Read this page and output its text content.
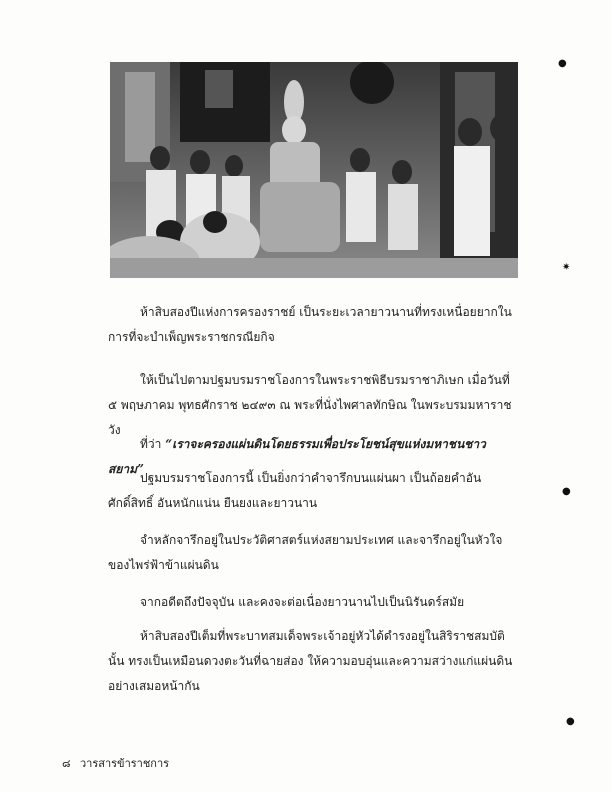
●
✷
●
●

ห้าสิบสองปีแห่งการครองราชย์ เป็นระยะเวลายาวนานที่ทรงเหนื่อยยากในการที่จะบำเพ็ญพระราชกรณียกิจ

ให้เป็นไปตามปฐมบรมราชโองการในพระราชพิธีบรมราชาภิเษก เมื่อวันที่ ๕ พฤษภาคม พุทธศักราช ๒๔๙๓ ณ พระที่นั่งไพศาลทักษิณ ในพระบรมมหาราชวัง

ที่ว่า “เราจะครองแผ่นดินโดยธรรมเพื่อประโยชน์สุขแห่งมหาชนชาวสยาม”

ปฐมบรมราชโองการนี้ เป็นยิ่งกว่าคำจารึกบนแผ่นผา เป็นถ้อยคำอันศักดิ์สิทธิ์ อันหนักแน่น ยืนยงและยาวนาน

จำหลักจารึกอยู่ในประวัติศาสตร์แห่งสยามประเทศ และจารึกอยู่ในหัวใจของไพร่ฟ้าข้าแผ่นดิน

จากอดีตถึงปัจจุบัน และคงจะต่อเนื่องยาวนานไปเป็นนิรันดร์สมัย

ห้าสิบสองปีเต็มที่พระบาทสมเด็จพระเจ้าอยู่หัวได้ดำรงอยู่ในสิริราชสมบัตินั้น ทรงเป็นเหมือนดวงตะวันที่ฉายส่อง ให้ความอบอุ่นและความสว่างแก่แผ่นดินอย่างเสมอหน้ากัน

๘ วารสารข้าราชการ
